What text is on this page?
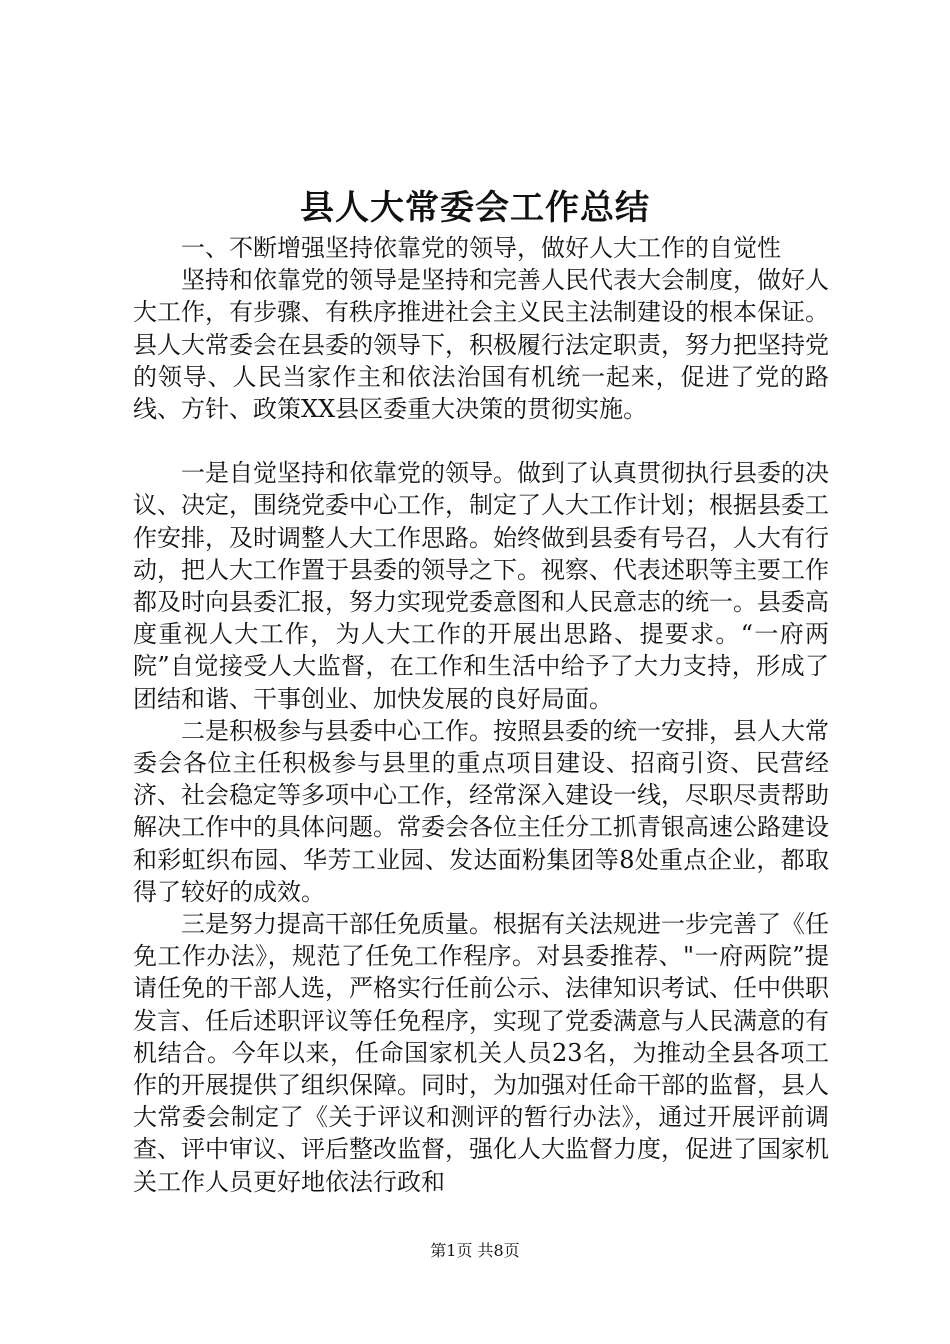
县人大常委会工作总结

一、不断增强坚持依靠党的领导，做好人大工作的自觉性

坚持和依靠党的领导是坚持和完善人民代表大会制度，做好人大工作，有步骤、有秩序推进社会主义民主法制建设的根本保证。县人大常委会在县委的领导下，积极履行法定职责，努力把坚持党的领导、人民当家作主和依法治国有机统一起来，促进了党的路线、方针、政策XX县区委重大决策的贯彻实施。

一是自觉坚持和依靠党的领导。做到了认真贯彻执行县委的决议、决定，围绕党委中心工作，制定了人大工作计划；根据县委工作安排，及时调整人大工作思路。始终做到县委有号召，人大有行动，把人大工作置于县委的领导之下。视察、代表述职等主要工作都及时向县委汇报，努力实现党委意图和人民意志的统一。县委高度重视人大工作，为人大工作的开展出思路、提要求。“一府两院”自觉接受人大监督，在工作和生活中给予了大力支持，形成了团结和谐、干事创业、加快发展的良好局面。

二是积极参与县委中心工作。按照县委的统一安排，县人大常委会各位主任积极参与县里的重点项目建设、招商引资、民营经济、社会稳定等多项中心工作，经常深入建设一线，尽职尽责帮助解决工作中的具体问题。常委会各位主任分工抓青银高速公路建设和彩虹织布园、华芳工业园、发达面粉集团等8处重点企业，都取得了较好的成效。

三是努力提高干部任免质量。根据有关法规进一步完善了《任免工作办法》，规范了任免工作程序。对县委推荐、"一府两院”提请任免的干部人选，严格实行任前公示、法律知识考试、任中供职发言、任后述职评议等任免程序，实现了党委满意与人民满意的有机结合。今年以来，任命国家机关人员23名，为推动全县各项工作的开展提供了组织保障。同时，为加强对任命干部的监督，县人大常委会制定了《关于评议和测评的暂行办法》，通过开展评前调查、评中审议、评后整改监督，强化人大监督力度，促进了国家机关工作人员更好地依法行政和

第1页 共8页
